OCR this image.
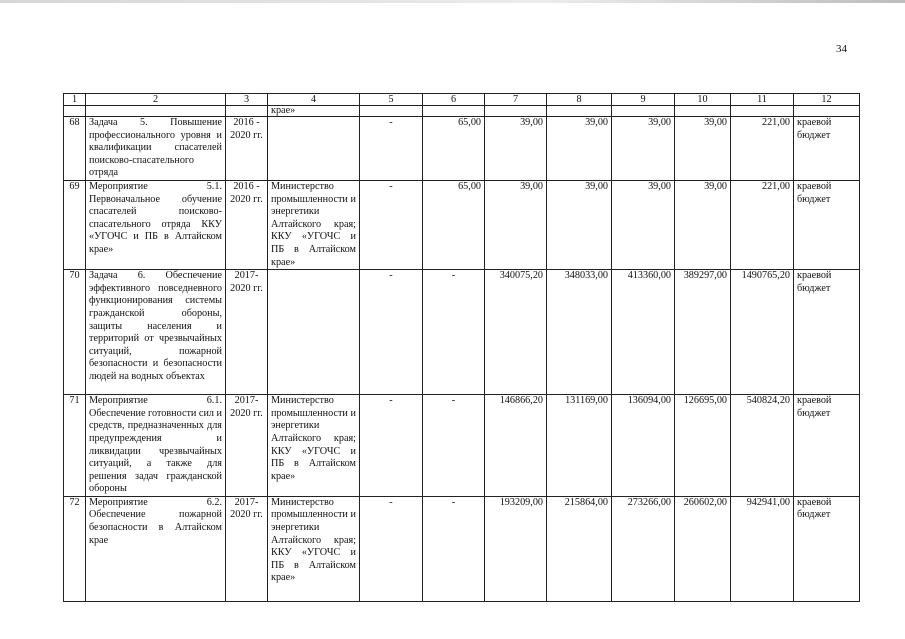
34
1	2	3	4	5	6	7	8	9	10	11	12
			крае»								
68	Задача 5. Повышение профессионального уровня и квалификации спасателей поисково-спасательного отряда	2016 - 2020 гг.		-	65,00	39,00	39,00	39,00	39,00	221,00	краевой бюджет
69	Мероприятие 5.1. Первоначальное обучение спасателей поисково-спасательного отряда ККУ «УГОЧС и ПБ в Алтайском крае»	2016 - 2020 гг.	Министерство промышленности и энергетики Алтайского края; ККУ «УГОЧС и ПБ в Алтайском крае»	-	65,00	39,00	39,00	39,00	39,00	221,00	краевой бюджет
70	Задача 6. Обеспечение эффективного повседневного функционирования системы гражданской обороны, защиты населения и территорий от чрезвычайных ситуаций, пожарной безопасности и безопасности людей на водных объектах	2017- 2020 гг.		-	-	340075,20	348033,00	413360,00	389297,00	1490765,20	краевой бюджет
71	Мероприятие 6.1. Обеспечение готовности сил и средств, предназначенных для предупреждения и ликвидации чрезвычайных ситуаций, а также для решения задач гражданской обороны	2017- 2020 гг.	Министерство промышленности и энергетики Алтайского края; ККУ «УГОЧС и ПБ в Алтайском крае»	-	-	146866,20	131169,00	136094,00	126695,00	540824,20	краевой бюджет
72	Мероприятие 6.2. Обеспечение пожарной безопасности в Алтайском крае	2017- 2020 гг.	Министерство промышленности и энергетики Алтайского края; ККУ «УГОЧС и ПБ в Алтайском крае»	-	-	193209,00	215864,00	273266,00	260602,00	942941,00	краевой бюджет
